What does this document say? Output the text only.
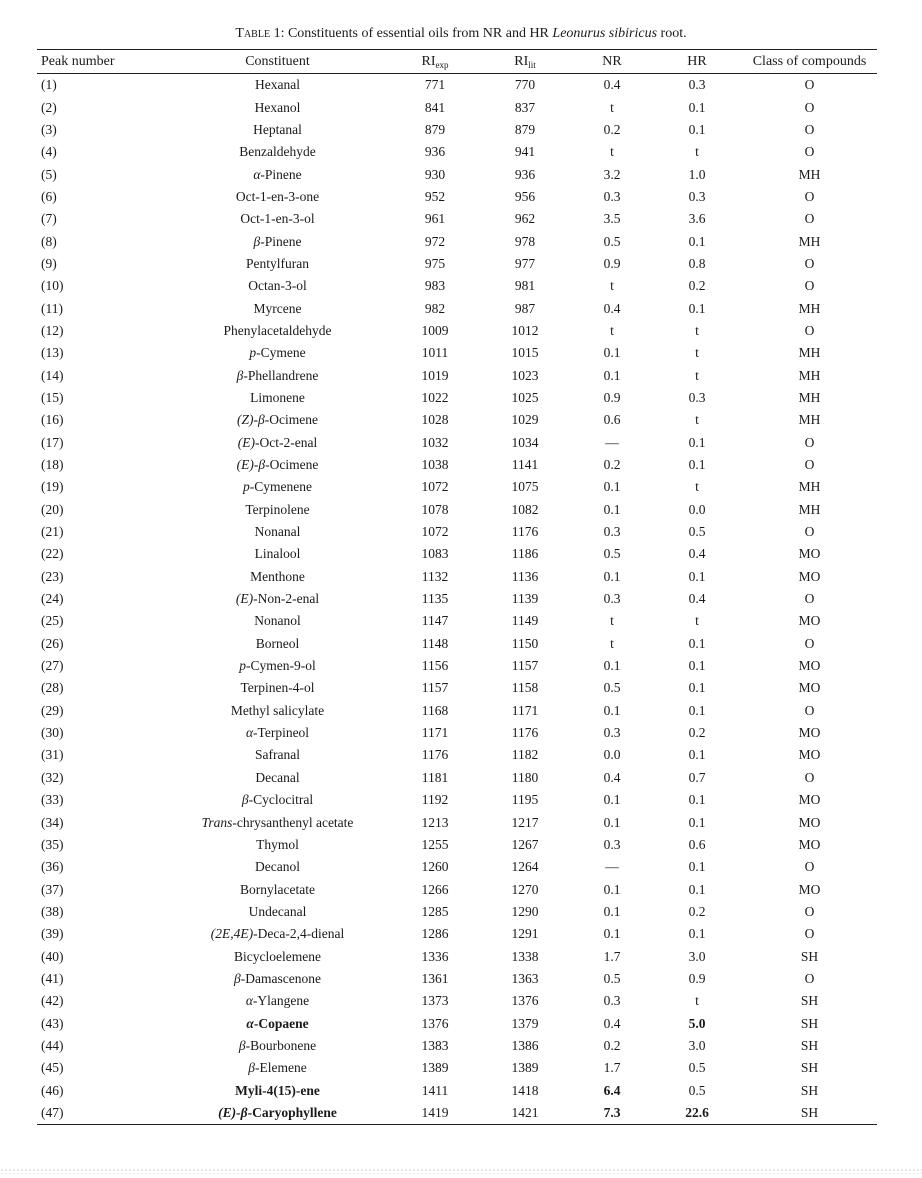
Table 1: Constituents of essential oils from NR and HR Leonurus sibiricus root.
Peak number	Constituent	$RI_{exp}$	$RI_{lit}$	NR	HR	Class of compounds
(1)	Hexanal	771	770	0.4	0.3	O
(2)	Hexanol	841	837	t	0.1	O
(3)	Heptanal	879	879	0.2	0.1	O
(4)	Benzaldehyde	936	941	t	t	O
(5)	α-Pinene	930	936	3.2	1.0	MH
(6)	Oct-1-en-3-one	952	956	0.3	0.3	O
(7)	Oct-1-en-3-ol	961	962	3.5	3.6	O
(8)	β-Pinene	972	978	0.5	0.1	MH
(9)	Pentylfuran	975	977	0.9	0.8	O
(10)	Octan-3-ol	983	981	t	0.2	O
(11)	Myrcene	982	987	0.4	0.1	MH
(12)	Phenylacetaldehyde	1009	1012	t	t	O
(13)	p-Cymene	1011	1015	0.1	t	MH
(14)	β-Phellandrene	1019	1023	0.1	t	MH
(15)	Limonene	1022	1025	0.9	0.3	MH
(16)	(Z)-β-Ocimene	1028	1029	0.6	t	MH
(17)	(E)-Oct-2-enal	1032	1034	—	0.1	O
(18)	(E)-β-Ocimene	1038	1141	0.2	0.1	O
(19)	p-Cymenene	1072	1075	0.1	t	MH
(20)	Terpinolene	1078	1082	0.1	0.0	MH
(21)	Nonanal	1072	1176	0.3	0.5	O
(22)	Linalool	1083	1186	0.5	0.4	MO
(23)	Menthone	1132	1136	0.1	0.1	MO
(24)	(E)-Non-2-enal	1135	1139	0.3	0.4	O
(25)	Nonanol	1147	1149	t	t	MO
(26)	Borneol	1148	1150	t	0.1	O
(27)	p-Cymen-9-ol	1156	1157	0.1	0.1	MO
(28)	Terpinen-4-ol	1157	1158	0.5	0.1	MO
(29)	Methyl salicylate	1168	1171	0.1	0.1	O
(30)	α-Terpineol	1171	1176	0.3	0.2	MO
(31)	Safranal	1176	1182	0.0	0.1	MO
(32)	Decanal	1181	1180	0.4	0.7	O
(33)	β-Cyclocitral	1192	1195	0.1	0.1	MO
(34)	Trans-chrysanthenyl acetate	1213	1217	0.1	0.1	MO
(35)	Thymol	1255	1267	0.3	0.6	MO
(36)	Decanol	1260	1264	—	0.1	O
(37)	Bornylacetate	1266	1270	0.1	0.1	MO
(38)	Undecanal	1285	1290	0.1	0.2	O
(39)	(2E,4E)-Deca-2,4-dienal	1286	1291	0.1	0.1	O
(40)	Bicycloelemene	1336	1338	1.7	3.0	SH
(41)	β-Damascenone	1361	1363	0.5	0.9	O
(42)	α-Ylangene	1373	1376	0.3	t	SH
(43)	α-Copaene	1376	1379	0.4	5.0	SH
(44)	β-Bourbonene	1383	1386	0.2	3.0	SH
(45)	β-Elemene	1389	1389	1.7	0.5	SH
(46)	Myli-4(15)-ene	1411	1418	6.4	0.5	SH
(47)	(E)-β-Caryophyllene	1419	1421	7.3	22.6	SH
